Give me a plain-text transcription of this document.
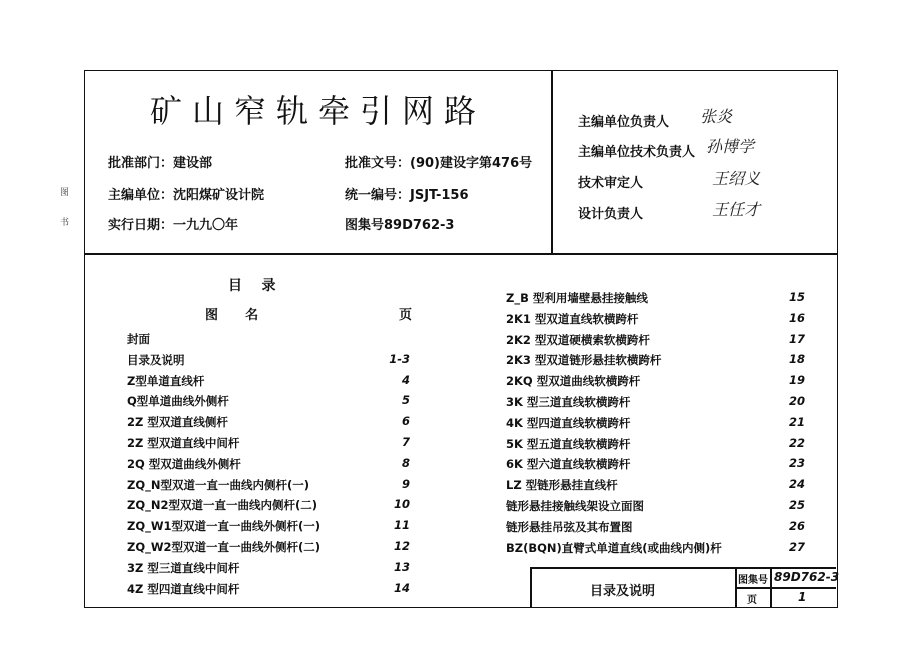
图
书
矿山窄轨牵引网路
批准部门：建设部	批准文号：(90)建设字第476号
主编单位：沈阳煤矿设计院	统一编号：JSJT-156
实行日期：一九九〇年	图集号89D762-3
主编单位负责人 张炎
主编单位技术负责人 孙博学
技术审定人	王绍义
设计负责人	王任才
目    录
图      名	页
封面
目录及说明	1-3
Z型单道直线杆	4
Q型单道曲线外侧杆	5
2Z 型双道直线侧杆	6
2Z 型双道直线中间杆	7
2Q 型双道曲线外侧杆	8
ZQ_N型双道一直一曲线内侧杆(一)	9
ZQ_N2型双道一直一曲线内侧杆(二)	10
ZQ_W1型双道一直一曲线外侧杆(一)	11
ZQ_W2型双道一直一曲线外侧杆(二)	12
3Z 型三道直线中间杆	13
4Z 型四道直线中间杆	14
Z_B 型利用墙壁悬挂接触线	15
2K1 型双道直线软横跨杆	16
2K2 型双道硬横索软横跨杆	17
2K3 型双道链形悬挂软横跨杆	18
2KQ 型双道曲线软横跨杆	19
3K 型三道直线软横跨杆	20
4K 型四道直线软横跨杆	21
5K 型五道直线软横跨杆	22
6K 型六道直线软横跨杆	23
LZ 型链形悬挂直线杆	24
链形悬挂接触线架设立面图	25
链形悬挂吊弦及其布置图	26
BZ(BQN)直臂式单道直线(或曲线内侧)杆	27
目录及说明
图集号 89D762-3
页	1
